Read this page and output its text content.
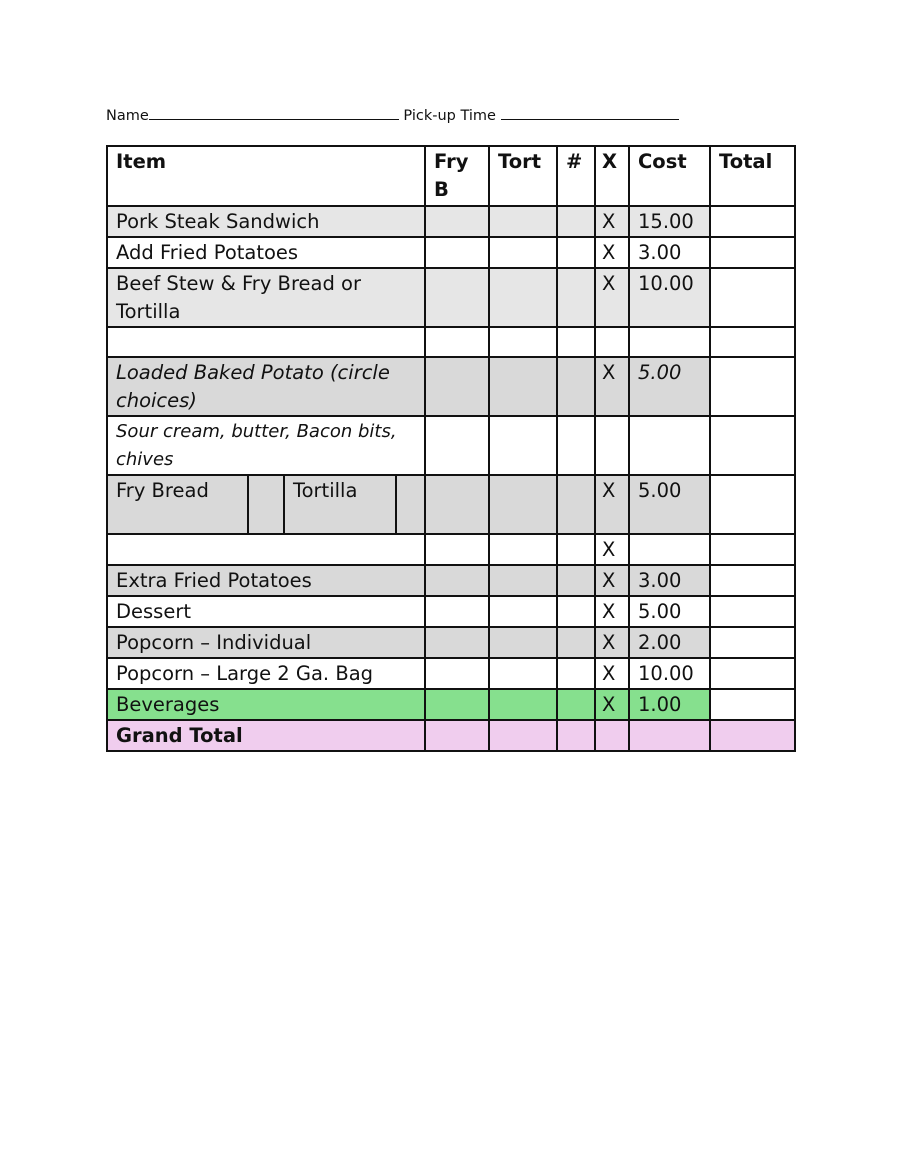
Name	Pick-up Time
Item	Fry B	Tort	#	X	Cost	Total
Pork Steak Sandwich				X	15.00	
Add Fried Potatoes				X	3.00	
Beef Stew & Fry Bread or Tortilla				X	10.00	

Loaded Baked Potato (circle choices)				X	5.00	
Sour cream, butter, Bacon bits, chives						

Fry Bread Tortilla				X	5.00	
				X		
Extra Fried Potatoes				X	3.00	
Dessert				X	5.00	
Popcorn – Individual				X	2.00	
Popcorn – Large 2 Ga. Bag				X	10.00	
Beverages				X	1.00	
Grand Total						
